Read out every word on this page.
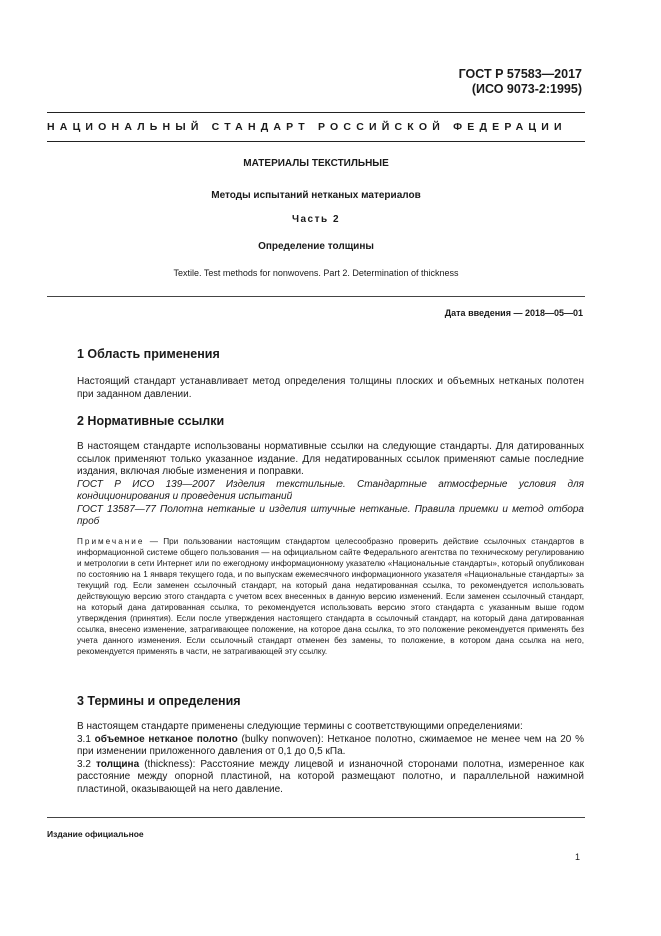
ГОСТ Р 57583—2017
(ИСО 9073-2:1995)
НАЦИОНАЛЬНЫЙ СТАНДАРТ РОССИЙСКОЙ ФЕДЕРАЦИИ
МАТЕРИАЛЫ ТЕКСТИЛЬНЫЕ
Методы испытаний нетканых материалов
Часть 2
Определение толщины
Textile. Test methods for nonwovens. Part 2. Determination of thickness
Дата введения — 2018—05—01
1 Область применения

Настоящий стандарт устанавливает метод определения толщины плоских и объемных нетканых полотен при заданном давлении.

2 Нормативные ссылки

В настоящем стандарте использованы нормативные ссылки на следующие стандарты. Для датированных ссылок применяют только указанное издание. Для недатированных ссылок применяют самые последние издания, включая любые изменения и поправки.

ГОСТ Р ИСО 139—2007 Изделия текстильные. Стандартные атмосферные условия для кондиционирования и проведения испытаний

ГОСТ 13587—77 Полотна нетканые и изделия штучные нетканые. Правила приемки и метод отбора проб

Примечание — При пользовании настоящим стандартом целесообразно проверить действие ссылочных стандартов в информационной системе общего пользования — на официальном сайте Федерального агентства по техническому регулированию и метрологии в сети Интернет или по ежегодному информационному указателю «Национальные стандарты», который опубликован по состоянию на 1 января текущего года, и по выпускам ежемесячного информационного указателя «Национальные стандарты» за текущий год. Если заменен ссылочный стандарт, на который дана недатированная ссылка, то рекомендуется использовать действующую версию этого стандарта с учетом всех внесенных в данную версию изменений. Если заменен ссылочный стандарт, на который дана датированная ссылка, то рекомендуется использовать версию этого стандарта с указанным выше годом утверждения (принятия). Если после утверждения настоящего стандарта в ссылочный стандарт, на который дана датированная ссылка, внесено изменение, затрагивающее положение, на которое дана ссылка, то это положение рекомендуется применять без учета данного изменения. Если ссылочный стандарт отменен без замены, то положение, в котором дана ссылка на него, рекомендуется применять в части, не затрагивающей эту ссылку.

3 Термины и определения

В настоящем стандарте применены следующие термины с соответствующими определениями:

3.1 объемное нетканое полотно (bulky nonwoven): Нетканое полотно, сжимаемое не менее чем на 20 % при изменении приложенного давления от 0,1 до 0,5 кПа.

3.2 толщина (thickness): Расстояние между лицевой и изнаночной сторонами полотна, измеренное как расстояние между опорной пластиной, на которой размещают полотно, и параллельной нажимной пластиной, оказывающей на него давление.

Издание официальное
1
